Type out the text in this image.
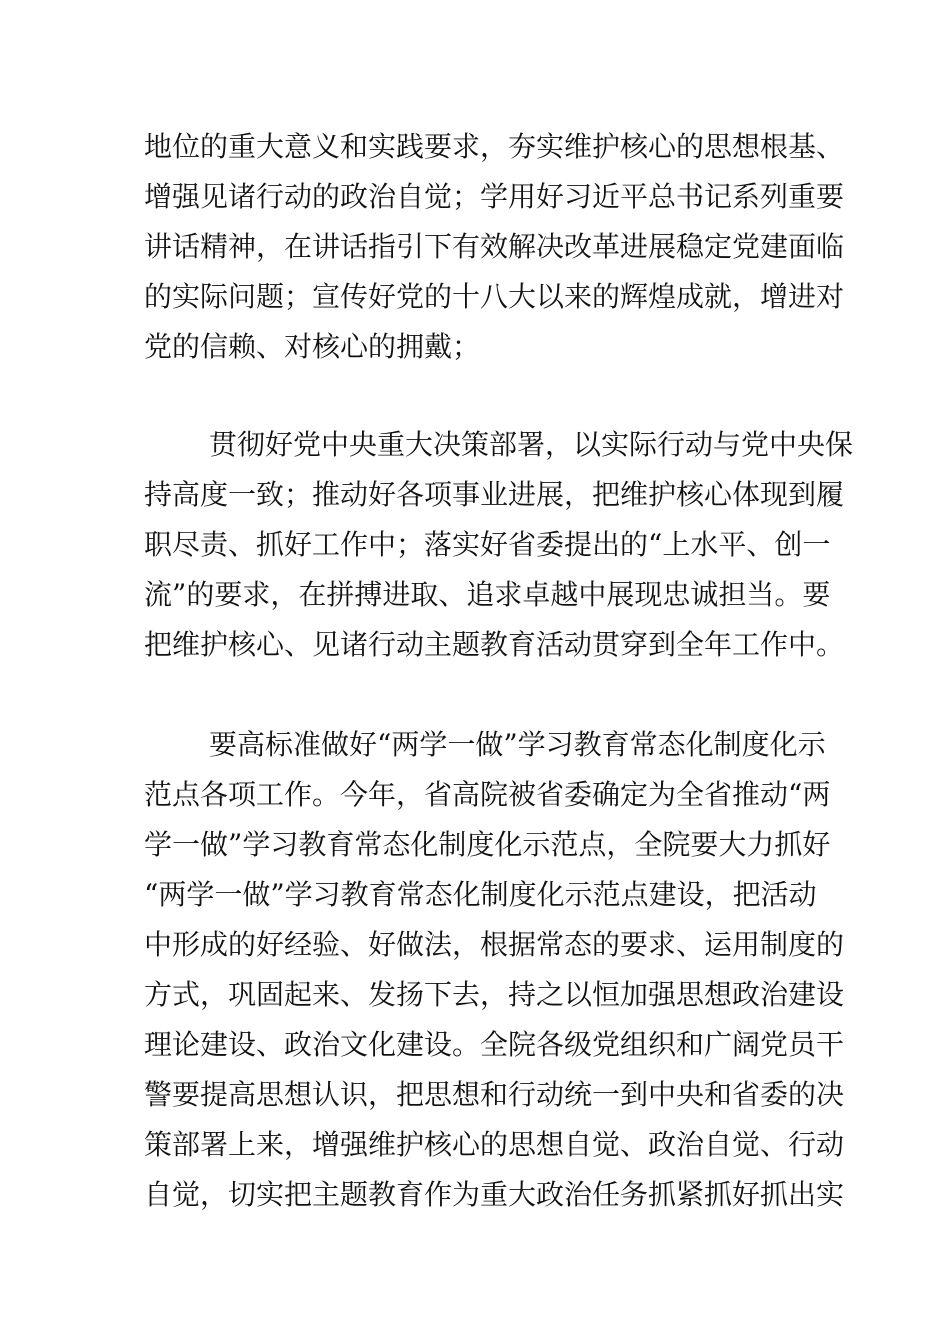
地位的重大意义和实践要求，夯实维护核心的思想根基、
增强见诸行动的政治自觉；学用好习近平总书记系列重要
讲话精神，在讲话指引下有效解决改革进展稳定党建面临
的实际问题；宣传好党的十八大以来的辉煌成就，增进对
党的信赖、对核心的拥戴；
贯彻好党中央重大决策部署，以实际行动与党中央保
持高度一致；推动好各项事业进展，把维护核心体现到履
职尽责、抓好工作中；落实好省委提出的“上水平、创一
流”的要求，在拼搏进取、追求卓越中展现忠诚担当。要
把维护核心、见诸行动主题教育活动贯穿到全年工作中。
要高标准做好“两学一做”学习教育常态化制度化示
范点各项工作。今年，省高院被省委确定为全省推动“两
学一做”学习教育常态化制度化示范点，全院要大力抓好
“两学一做”学习教育常态化制度化示范点建设，把活动
中形成的好经验、好做法，根据常态的要求、运用制度的
方式，巩固起来、发扬下去，持之以恒加强思想政治建设
理论建设、政治文化建设。全院各级党组织和广阔党员干
警要提高思想认识，把思想和行动统一到中央和省委的决
策部署上来，增强维护核心的思想自觉、政治自觉、行动
自觉，切实把主题教育作为重大政治任务抓紧抓好抓出实
